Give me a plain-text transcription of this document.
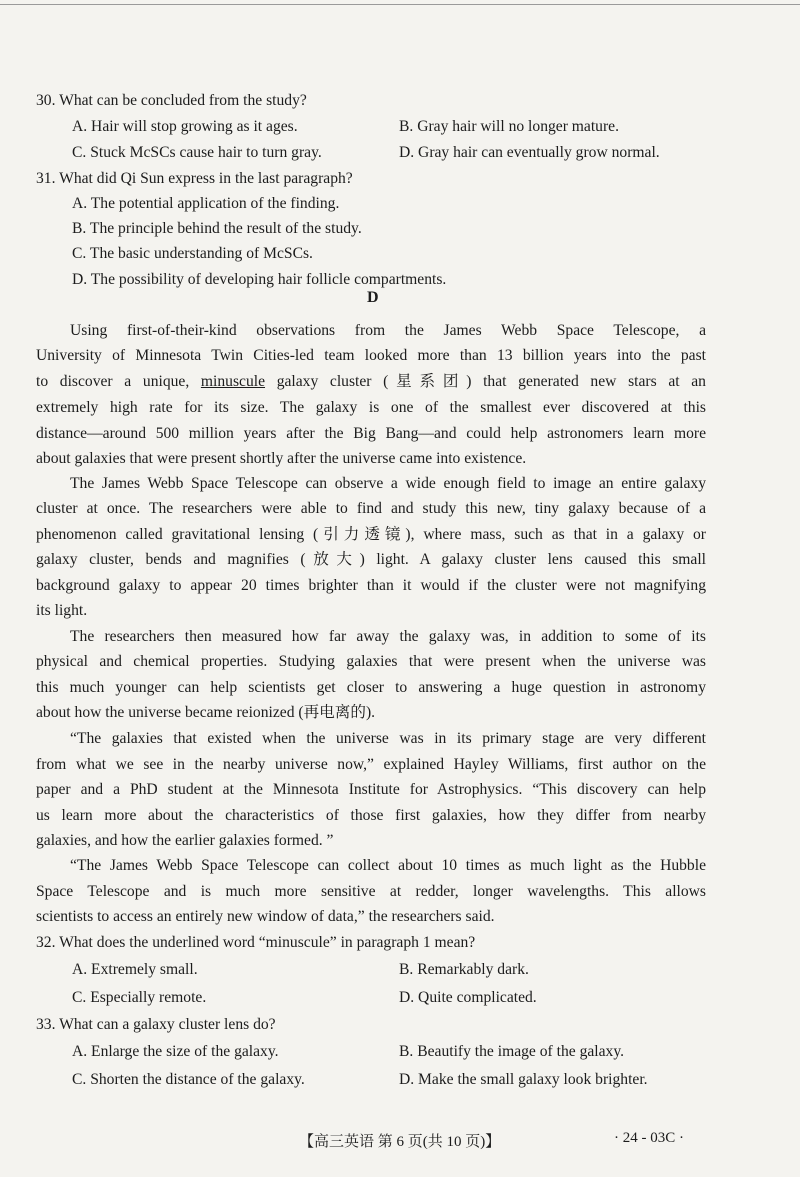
30. What can be concluded from the study?
A. Hair will stop growing as it ages.	B. Gray hair will no longer mature.
C. Stuck McSCs cause hair to turn gray.	D. Gray hair can eventually grow normal.
31. What did Qi Sun express in the last paragraph?
A. The potential application of the finding.
B. The principle behind the result of the study.
C. The basic understanding of McSCs.
D. The possibility of developing hair follicle compartments.
D
Using first-of-their-kind observations from the James Webb Space Telescope, a
University of Minnesota Twin Cities-led team looked more than 13 billion years into the past
to discover a unique, minuscule galaxy cluster (星系团) that generated new stars at an
extremely high rate for its size. The galaxy is one of the smallest ever discovered at this
distance—around 500 million years after the Big Bang—and could help astronomers learn more
about galaxies that were present shortly after the universe came into existence.
The James Webb Space Telescope can observe a wide enough field to image an entire galaxy
cluster at once. The researchers were able to find and study this new, tiny galaxy because of a
phenomenon called gravitational lensing (引力透镜), where mass, such as that in a galaxy or
galaxy cluster, bends and magnifies (放大) light. A galaxy cluster lens caused this small
background galaxy to appear 20 times brighter than it would if the cluster were not magnifying
its light.
The researchers then measured how far away the galaxy was, in addition to some of its
physical and chemical properties. Studying galaxies that were present when the universe was
this much younger can help scientists get closer to answering a huge question in astronomy
about how the universe became reionized (再电离的).
“The galaxies that existed when the universe was in its primary stage are very different
from what we see in the nearby universe now,” explained Hayley Williams, first author on the
paper and a PhD student at the Minnesota Institute for Astrophysics. “This discovery can help
us learn more about the characteristics of those first galaxies, how they differ from nearby
galaxies, and how the earlier galaxies formed. ”
“The James Webb Space Telescope can collect about 10 times as much light as the Hubble
Space Telescope and is much more sensitive at redder, longer wavelengths. This allows
scientists to access an entirely new window of data,” the researchers said.
32. What does the underlined word “minuscule” in paragraph 1 mean?
A. Extremely small.	B. Remarkably dark.
C. Especially remote.	D. Quite complicated.
33. What can a galaxy cluster lens do?
A. Enlarge the size of the galaxy.	B. Beautify the image of the galaxy.
C. Shorten the distance of the galaxy.	D. Make the small galaxy look brighter.
【高三英语 第 6 页(共 10 页)】	· 24 - 03C ·
